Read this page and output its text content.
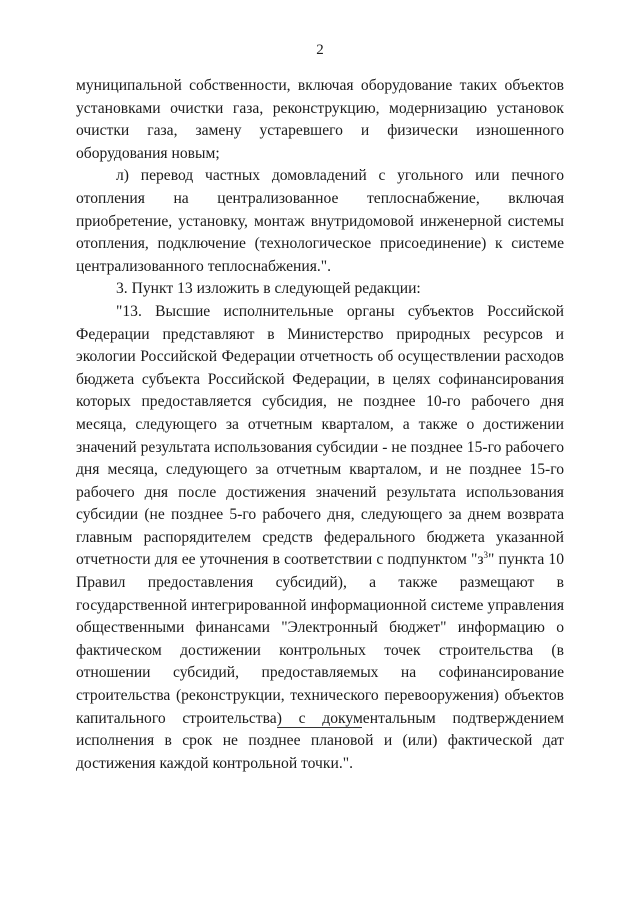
2

муниципальной собственности, включая оборудование таких объектов установками очистки газа, реконструкцию, модернизацию установок очистки газа, замену устаревшего и физически изношенного оборудования новым;

л) перевод частных домовладений с угольного или печного отопления на централизованное теплоснабжение, включая приобретение, установку, монтаж внутридомовой инженерной системы отопления, подключение (технологическое присоединение) к системе централизованного теплоснабжения.".

3. Пункт 13 изложить в следующей редакции:

"13. Высшие исполнительные органы субъектов Российской Федерации представляют в Министерство природных ресурсов и экологии Российской Федерации отчетность об осуществлении расходов бюджета субъекта Российской Федерации, в целях софинансирования которых предоставляется субсидия, не позднее 10-го рабочего дня месяца, следующего за отчетным кварталом, а также о достижении значений результата использования субсидии - не позднее 15-го рабочего дня месяца, следующего за отчетным кварталом, и не позднее 15-го рабочего дня после достижения значений результата использования субсидии (не позднее 5-го рабочего дня, следующего за днем возврата главным распорядителем средств федерального бюджета указанной отчетности для ее уточнения в соответствии с подпунктом "$з^3$" пункта 10 Правил предоставления субсидий), а также размещают в государственной интегрированной информационной системе управления общественными финансами "Электронный бюджет" информацию о фактическом достижении контрольных точек строительства (в отношении субсидий, предоставляемых на софинансирование строительства (реконструкции, технического перевооружения) объектов капитального строительства) с документальным подтверждением исполнения в срок не позднее плановой и (или) фактической дат достижения каждой контрольной точки.".
